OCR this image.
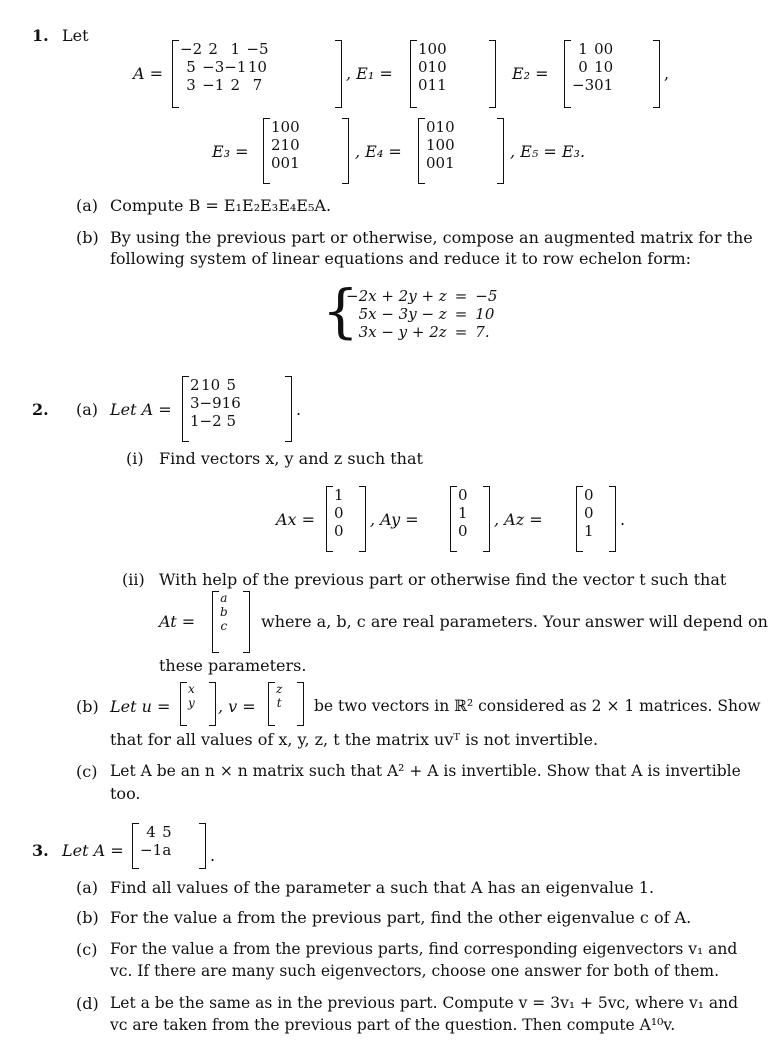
1. Let
A =
−2	2	1	−5
5	−3	−1	10
3	−1	2	7
, E₁ =
1	0	0
0	1	0
0	1	1
E₂ =
1	0	0
0	1	0
−3	0	1
,
E₃ =
1	0	0
2	1	0
0	0	1
, E₄ =
0	1	0
1	0	0
0	0	1
, E₅ = E₃.
(a) Compute B = E₁E₂E₃E₄E₅A.
(b) By using the previous part or otherwise, compose an augmented matrix for the
following system of linear equations and reduce it to row echelon form:
{
−2x + 2y + z	=	−5
5x − 3y − z	=	10
3x − y + 2z	=	7.
2. (a) Let A =
2	10	5
3	−9	16
1	−2	5
.
(i) Find vectors x, y and z such that
Ax =
1
0
0
, Ay =
0
1
0
, Az =
0
0
1
.
(ii) With help of the previous part or otherwise find the vector t such that
At =
a
b
c where a, b, c are real parameters. Your answer will depend on
these parameters.
(b) Let u =
x
y , v =
z
t be two vectors in ℝ² considered as 2 × 1 matrices. Show
that for all values of x, y, z, t the matrix uvᵀ is not invertible.
(c) Let A be an n × n matrix such that A² + A is invertible. Show that A is invertible
too.
3. Let A =
4	5
−1	a .
(a) Find all values of the parameter a such that A has an eigenvalue 1.
(b) For the value a from the previous part, find the other eigenvalue c of A.
(c) For the value a from the previous parts, find corresponding eigenvectors v₁ and
vᴄ. If there are many such eigenvectors, choose one answer for both of them.
(d) Let a be the same as in the previous part. Compute v = 3v₁ + 5vᴄ, where v₁ and
vᴄ are taken from the previous part of the question. Then compute A¹⁰v.
